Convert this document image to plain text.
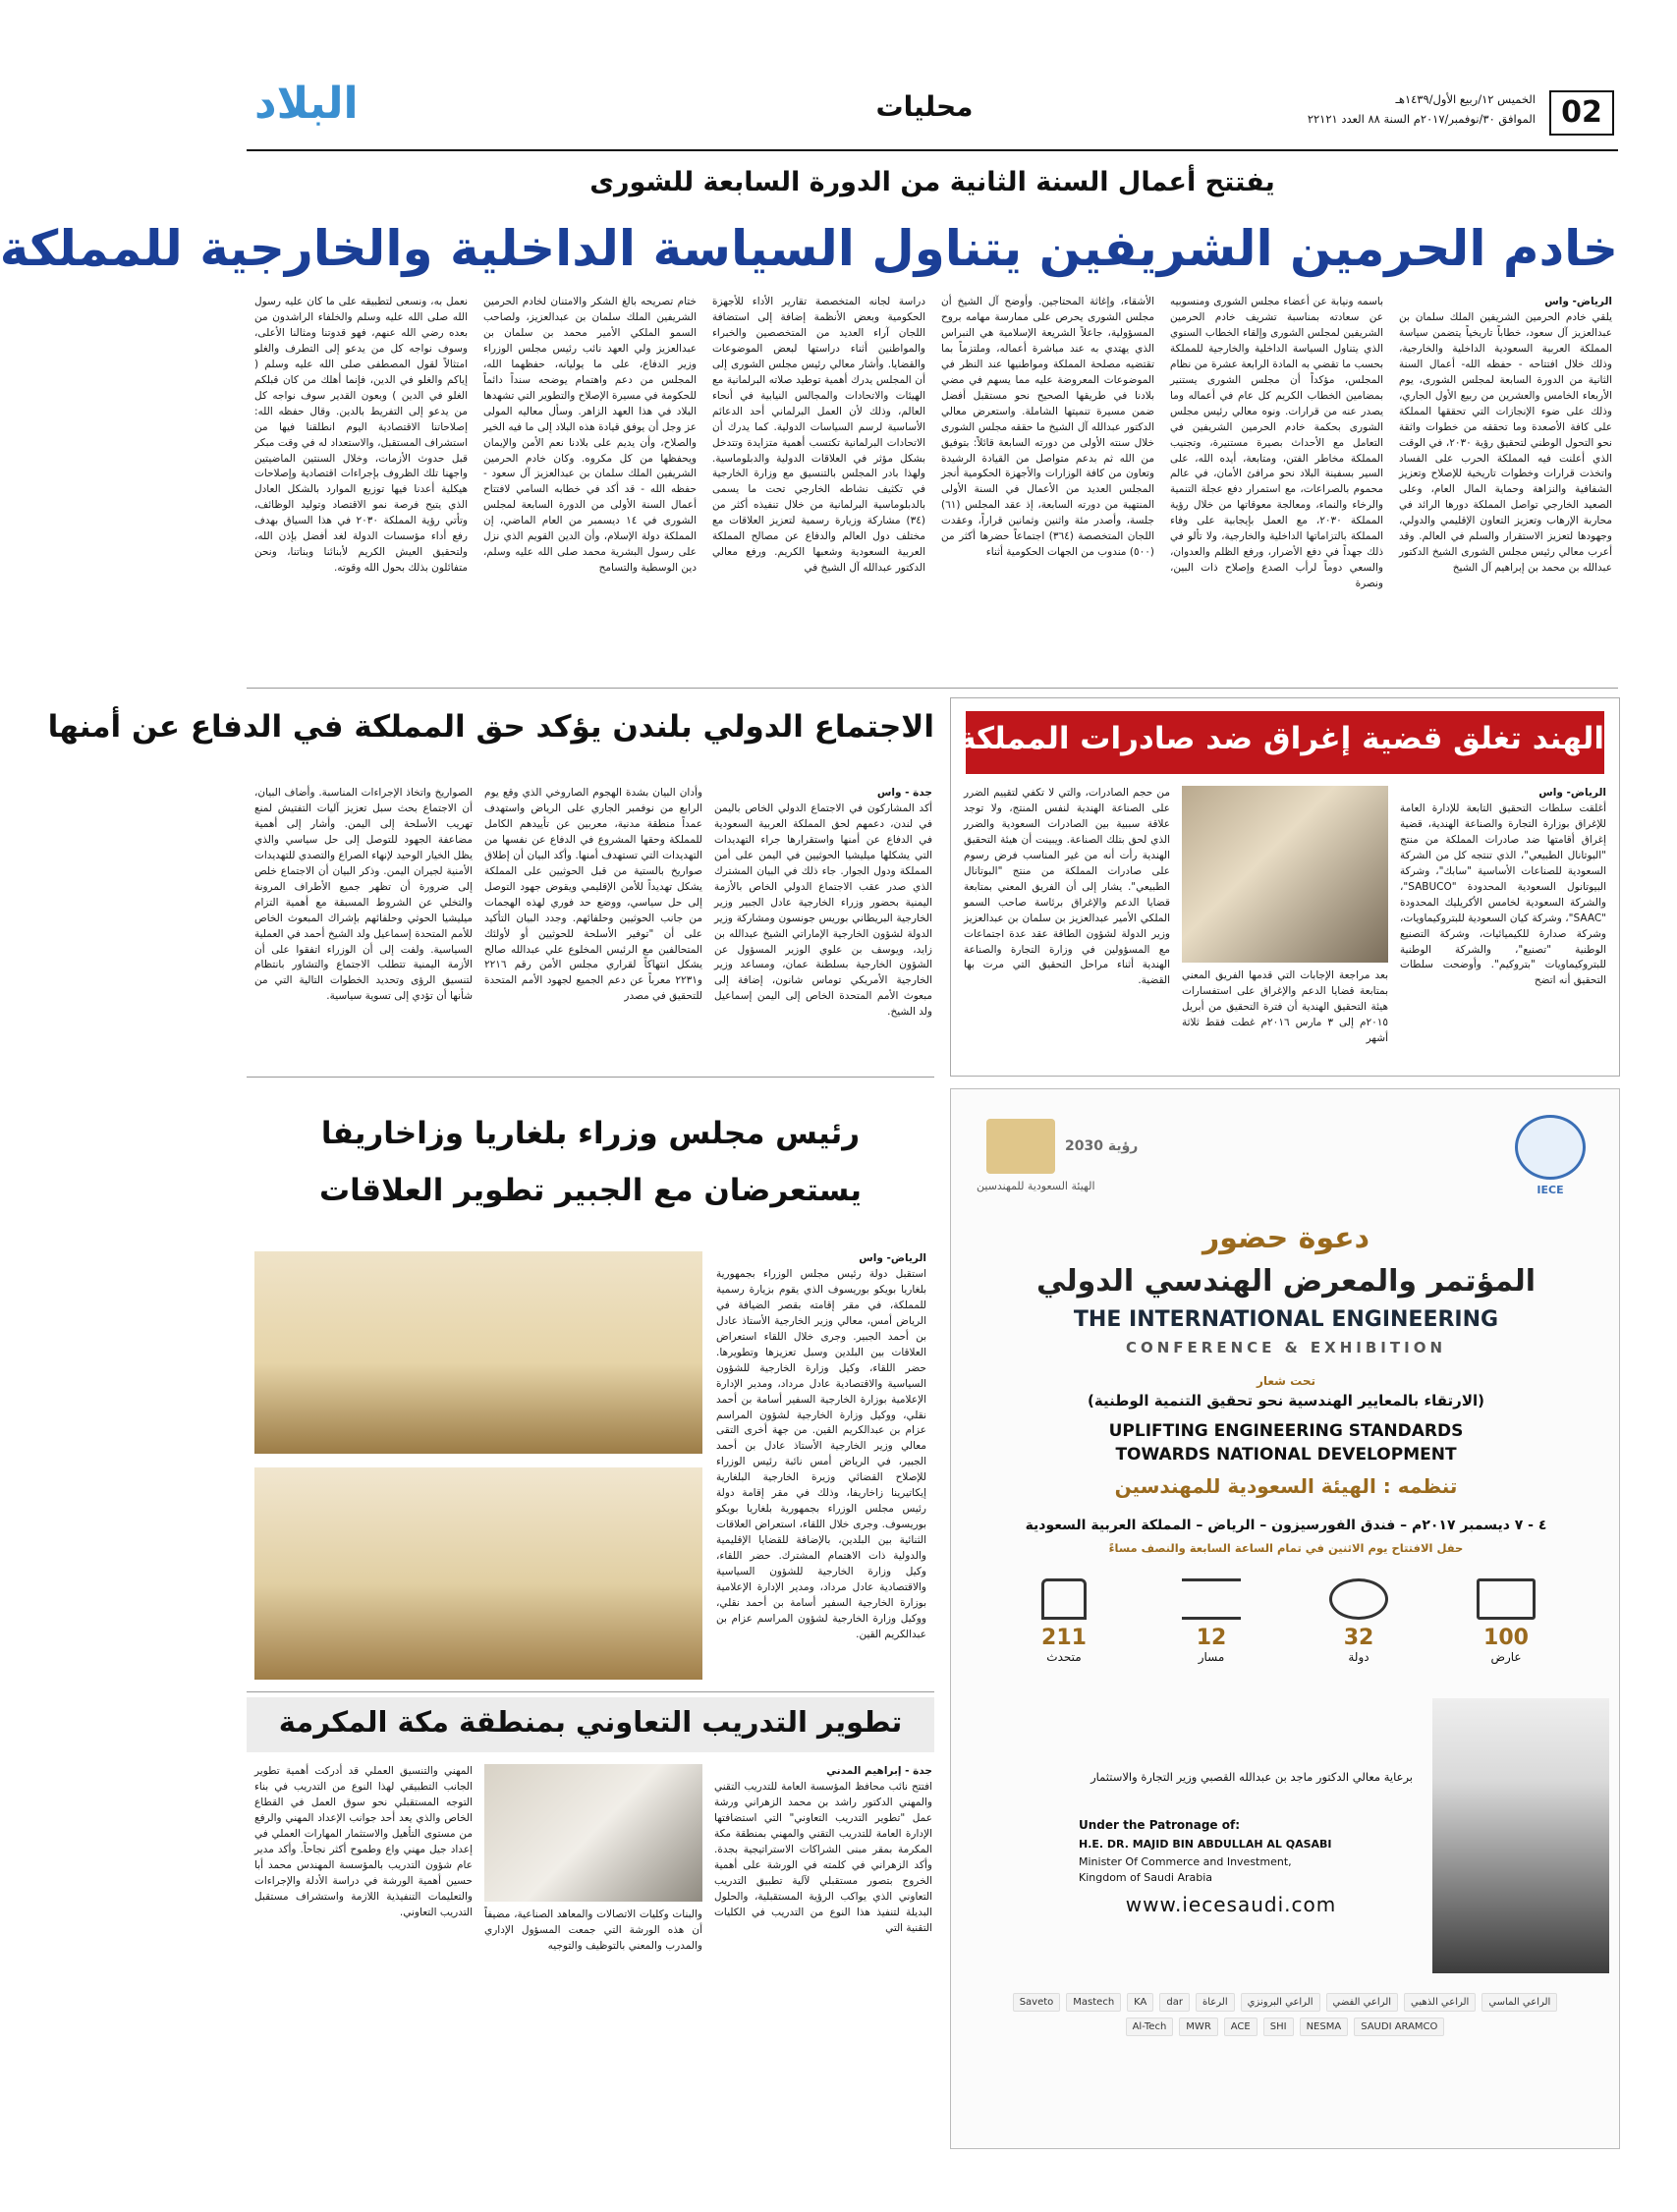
02
الخميس ١٢/ربيع الأول/١٤٣٩هـ
الموافق ٣٠/نوفمبر/٢٠١٧م السنة ٨٨ العدد ٢٢١٢١
محليات
البلاد
يفتتح أعمال السنة الثانية من الدورة السابعة للشورى
خادم الحرمين الشريفين يتناول السياسة الداخلية والخارجية للمملكة
الرياض- واس
يلقي خادم الحرمين الشريفين الملك سلمان بن عبدالعزيز آل سعود، خطاباً تاريخياً يتضمن سياسة المملكة العربية السعودية الداخلية والخارجية، وذلك خلال افتتاحه - حفظه الله- أعمال السنة الثانية من الدورة السابعة لمجلس الشورى، يوم الأربعاء الخامس والعشرين من ربيع الأول الجاري، وذلك على ضوء الإنجازات التي تحققها المملكة على كافة الأصعدة وما تحققه من خطوات واثقة نحو التحول الوطني لتحقيق رؤية ٢٠٣٠، في الوقت الذي أعلنت فيه المملكة الحرب على الفساد واتخذت قرارات وخطوات تاريخية للإصلاح وتعزيز الشفافية والنزاهة وحماية المال العام، وعلى الصعيد الخارجي تواصل المملكة دورها الرائد في محاربة الإرهاب وتعزيز التعاون الإقليمي والدولي، وجهودها لتعزيز الاستقرار والسلم في العالم. وقد أعرب معالي رئيس مجلس الشورى الشيخ الدكتور عبدالله بن محمد بن إبراهيم آل الشيخ
باسمه ونيابة عن أعضاء مجلس الشورى ومنسوبيه عن سعادته بمناسبة تشريف خادم الحرمين الشريفين لمجلس الشورى وإلقاء الخطاب السنوي الذي يتناول السياسة الداخلية والخارجية للمملكة بحسب ما تقضي به المادة الرابعة عشرة من نظام المجلس، مؤكداً أن مجلس الشورى يستنير بمضامين الخطاب الكريم كل عام في أعماله وما يصدر عنه من قرارات. ونوه معالي رئيس مجلس الشورى بحكمة خادم الحرمين الشريفين في التعامل مع الأحداث بصيرة مستنيرة، وتجنيب المملكة مخاطر الفتن، ومتابعة، أيده الله، على السير بسفينة البلاد نحو مرافئ الأمان، في عالم محموم بالصراعات، مع استمرار دفع عجلة التنمية والرخاء والنماء، ومعالجة معوقاتها من خلال رؤية المملكة ٢٠٣٠، مع العمل بإيجابية على وفاء المملكة بالتزاماتها الداخلية والخارجية، ولا تألو في ذلك جهداً في دفع الأضرار، ورفع الظلم والعدوان، والسعي دوماً لرأب الصدع وإصلاح ذات البين، ونصرة
الأشقاء، وإغاثة المحتاجين. وأوضح آل الشيخ أن مجلس الشورى يحرص على ممارسة مهامه بروح المسؤولية، جاعلاً الشريعة الإسلامية هي النبراس الذي يهتدي به عند مباشرة أعماله، وملتزماً بما تقتضيه مصلحة المملكة ومواطنيها عند النظر في الموضوعات المعروضة عليه مما يسهم في مضي بلادنا في طريقها الصحيح نحو مستقبل أفضل ضمن مسيرة تنميتها الشاملة. واستعرض معالي الدكتور عبدالله آل الشيخ ما حققه مجلس الشورى خلال سنته الأولى من دورته السابعة قائلاً: بتوفيق من الله ثم بدعم متواصل من القيادة الرشيدة وتعاون من كافة الوزارات والأجهزة الحكومية أنجز المجلس العديد من الأعمال في السنة الأولى المنتهية من دورته السابعة، إذ عقد المجلس (٦١) جلسة، وأصدر مئة واثنين وثمانين قراراً، وعقدت اللجان المتخصصة (٣٦٤) اجتماعاً حضرها أكثر من (٥٠٠) مندوب من الجهات الحكومية أثناء
دراسة لجانه المتخصصة تقارير الأداء للأجهزة الحكومية وبعض الأنظمة إضافة إلى استضافة اللجان آراء العديد من المتخصصين والخبراء والمواطنين أثناء دراستها لبعض الموضوعات والقضايا. وأشار معالي رئيس مجلس الشورى إلى أن المجلس يدرك أهمية توطيد صلاته البرلمانية مع الهيئات والاتحادات والمجالس النيابية في أنحاء العالم، وذلك لأن العمل البرلماني أحد الدعائم الأساسية لرسم السياسات الدولية. كما يدرك أن الاتحادات البرلمانية تكتسب أهمية متزايدة وتتدخل بشكل مؤثر في العلاقات الدولية والدبلوماسية. ولهذا بادر المجلس بالتنسيق مع وزارة الخارجية في تكثيف نشاطه الخارجي تحت ما يسمى بالدبلوماسية البرلمانية من خلال تنفيذه أكثر من (٣٤) مشاركة وزيارة رسمية لتعزيز العلاقات مع مختلف دول العالم والدفاع عن مصالح المملكة العربية السعودية وشعبها الكريم. ورفع معالي الدكتور عبدالله آل الشيخ في
ختام تصريحه بالغ الشكر والامتنان لخادم الحرمين الشريفين الملك سلمان بن عبدالعزيز، ولصاحب السمو الملكي الأمير محمد بن سلمان بن عبدالعزيز ولي العهد نائب رئيس مجلس الوزراء وزير الدفاع، على ما يوليانه، حفظهما الله، المجلس من دعم واهتمام يوضحه سنداً دائماً للحكومة في مسيرة الإصلاح والتطوير التي تشهدها البلاد في هذا العهد الزاهر. وسأل معاليه المولى عز وجل أن يوفق قيادة هذه البلاد إلى ما فيه الخير والصلاح، وأن يديم على بلادنا نعم الأمن والإيمان ويحفظها من كل مكروه. وكان خادم الحرمين الشريفين الملك سلمان بن عبدالعزيز آل سعود - حفظه الله - قد أكد في خطابه السامي لافتتاح أعمال السنة الأولى من الدورة السابعة لمجلس الشورى في ١٤ ديسمبر من العام الماضي، إن المملكة دولة الإسلام، وأن الدين القويم الذي نزل على رسول البشرية محمد صلى الله عليه وسلم، دين الوسطية والتسامح
نعمل به، ونسعى لتطبيقه على ما كان عليه رسول الله صلى الله عليه وسلم والخلفاء الراشدون من بعده رضي الله عنهم، فهو قدوتنا ومثالنا الأعلى، وسوف نواجه كل من يدعو إلى التطرف والغلو امتثالاً لقول المصطفى صلى الله عليه وسلم ( إياكم والغلو في الدين، فإنما أهلك من كان قبلكم الغلو في الدين ) وبعون القدير سوف نواجه كل من يدعو إلى التفريط بالدين. وقال حفظه الله: إصلاحاتنا الاقتصادية اليوم انطلقنا فيها من استشراف المستقبل، والاستعداد له في وقت مبكر قبل حدوث الأزمات، وخلال السنتين الماضيتين واجهنا تلك الظروف بإجراءات اقتصادية وإصلاحات هيكلية أعدنا فيها توزيع الموارد بالشكل العادل الذي يتيح فرصة نمو الاقتصاد وتوليد الوظائف، وتأتي رؤية المملكة ٢٠٣٠ في هذا السياق بهدف رفع أداء مؤسسات الدولة لغد أفضل بإذن الله، ولتحقيق العيش الكريم لأبنائنا وبناتنا، ونحن متفائلون بذلك بحول الله وقوته.
الهند تغلق قضية إغراق ضد صادرات المملكة
الرياض- واس
أغلقت سلطات التحقيق التابعة للإدارة العامة للإغراق بوزارة التجارة والصناعة الهندية، قضية إغراق أقامتها ضد صادرات المملكة من منتج "البوتانال الطبيعي"، الذي تنتجه كل من الشركة السعودية للصناعات الأساسية "سابك"، وشركة البيوتانول السعودية المحدودة "SABUCO"، والشركة السعودية لخامس الأكريليك المحدودة "SAAC"، وشركة كيان السعودية للبتروكيماويات، وشركة صدارة للكيميائيات، وشركة التصنيع الوطنية "تصنيع"، والشركة الوطنية للبتروكيماويات "بتروكيم". وأوضحت سلطات التحقيق أنه اتضح
بعد مراجعة الإجابات التي قدمها الفريق المعني بمتابعة قضايا الدعم والإغراق على استفسارات هيئة التحقيق الهندية أن فترة التحقيق من أبريل ٢٠١٥م إلى ٣ مارس ٢٠١٦م غطت فقط ثلاثة أشهر
من حجم الصادرات، والتي لا تكفي لتقييم الضرر على الصناعة الهندية لنفس المنتج، ولا توجد علاقة سببية بين الصادرات السعودية والضرر الذي لحق بتلك الصناعة. ويبينت أن هيئة التحقيق الهندية رأت أنه من غير المناسب فرض رسوم على صادرات المملكة من منتج "البوتانال الطبيعي". يشار إلى أن الفريق المعني بمتابعة قضايا الدعم والإغراق برئاسة صاحب السمو الملكي الأمير عبدالعزيز بن سلمان بن عبدالعزيز وزير الدولة لشؤون الطاقة عقد عدة اجتماعات مع المسؤولين في وزارة التجارة والصناعة الهندية أثناء مراحل التحقيق التي مرت بها القضية.
الاجتماع الدولي بلندن يؤكد حق المملكة في الدفاع عن أمنها
جدة - واس
أكد المشاركون في الاجتماع الدولي الخاص باليمن في لندن، دعمهم لحق المملكة العربية السعودية في الدفاع عن أمنها واستقرارها جراء التهديدات التي يشكلها ميليشيا الحوثيين في اليمن على أمن المملكة ودول الجوار. جاء ذلك في البيان المشترك الذي صدر عقب الاجتماع الدولي الخاص بالأزمة اليمنية بحضور وزراء الخارجية عادل الجبير وزير الخارجية البريطاني بوريس جونسون ومشاركة وزير الدولة لشؤون الخارجية الإماراتي الشيخ عبدالله بن زايد، ويوسف بن علوي الوزير المسؤول عن الشؤون الخارجية بسلطنة عمان، ومساعد وزير الخارجية الأمريكي توماس شانون، إضافة إلى مبعوث الأمم المتحدة الخاص إلى اليمن إسماعيل ولد الشيخ.
وأدان البيان بشدة الهجوم الصاروخي الذي وقع يوم الرابع من نوفمبر الجاري على الرياض واستهدف عمداً منطقة مدنية، معربين عن تأييدهم الكامل للمملكة وحقها المشروع في الدفاع عن نفسها من التهديدات التي تستهدف أمنها. وأكد البيان أن إطلاق صواريخ بالستية من قبل الحوثيين على المملكة يشكل تهديداً للأمن الإقليمي ويقوض جهود التوصل إلى حل سياسي، ووضع حد فوري لهذه الهجمات من جانب الحوثيين وحلفائهم. وجدد البيان التأكيد على أن "توفير الأسلحة للحوثيين أو لأولئك المتحالفين مع الرئيس المخلوع علي عبدالله صالح يشكل انتهاكاً لقراري مجلس الأمن رقم ٢٢١٦ و٢٢٣١ معرباً عن دعم الجميع لجهود الأمم المتحدة للتحقيق في مصدر
الصواريخ واتخاذ الإجراءات المناسبة. وأضاف البيان، أن الاجتماع بحث سبل تعزيز آليات التفتيش لمنع تهريب الأسلحة إلى اليمن. وأشار إلى أهمية مضاعفة الجهود للتوصل إلى حل سياسي والذي يظل الخيار الوحيد لإنهاء الصراع والتصدي للتهديدات الأمنية لجيران اليمن. وذكر البيان أن الاجتماع خلص إلى ضرورة أن تظهر جميع الأطراف المرونة والتخلي عن الشروط المسبقة مع أهمية التزام ميليشيا الحوثي وحلفائهم بإشراك المبعوث الخاص للأمم المتحدة إسماعيل ولد الشيخ أحمد في العملية السياسية. ولفت إلى أن الوزراء اتفقوا على أن الأزمة اليمنية تتطلب الاجتماع والتشاور بانتظام لتنسيق الرؤى وتحديد الخطوات التالية التي من شأنها أن تؤدي إلى تسوية سياسية.
رئيس مجلس وزراء بلغاريا وزاخاريفا
يستعرضان مع الجبير تطوير العلاقات
الرياض- واس
استقبل دولة رئيس مجلس الوزراء بجمهورية بلغاريا بويكو بوريسوف الذي يقوم بزيارة رسمية للمملكة، في مقر إقامته بقصر الضيافة في الرياض أمس، معالي وزير الخارجية الأستاذ عادل بن أحمد الجبير. وجرى خلال اللقاء استعراض العلاقات بين البلدين وسبل تعزيزها وتطويرها. حضر اللقاء، وكيل وزارة الخارجية للشؤون السياسية والاقتصادية عادل مرداد، ومدير الإدارة الإعلامية بوزارة الخارجية السفير أسامة بن أحمد نقلي، ووكيل وزارة الخارجية لشؤون المراسم عزام بن عبدالكريم القين. من جهة أخرى التقى معالي وزير الخارجية الأستاذ عادل بن أحمد الجبير، في الرياض أمس نائبة رئيس الوزراء للإصلاح القضائي وزيرة الخارجية البلغارية إيكاتيرينا زاخاريفا، وذلك في مقر إقامة دولة رئيس مجلس الوزراء بجمهورية بلغاريا بويكو بوريسوف. وجرى خلال اللقاء، استعراض العلاقات الثنائية بين البلدين، بالإضافة للقضايا الإقليمية والدولية ذات الاهتمام المشترك. حضر اللقاء، وكيل وزارة الخارجية للشؤون السياسية والاقتصادية عادل مرداد، ومدير الإدارة الإعلامية بوزارة الخارجية السفير أسامة بن أحمد نقلي، ووكيل وزارة الخارجية لشؤون المراسم عزام بن عبدالكريم القين.
تطوير التدريب التعاوني بمنطقة مكة المكرمة
جدة - إبراهيم المدني
افتتح نائب محافظ المؤسسة العامة للتدريب التقني والمهني الدكتور راشد بن محمد الزهراني ورشة عمل "تطوير التدريب التعاوني" التي استضافتها الإدارة العامة للتدريب التقني والمهني بمنطقة مكة المكرمة بمقر مبنى الشراكات الاستراتيجية بجدة. وأكد الزهراني في كلمته في الورشة على أهمية الخروج بتصور مستقبلي لآلية تطبيق التدريب التعاوني الذي يواكب الرؤية المستقبلية، والحلول البديلة لتنفيذ هذا النوع من التدريب في الكليات التقنية التي
والبنات وكليات الاتصالات والمعاهد الصناعية، مضيفاً أن هذه الورشة التي جمعت المسؤول الإداري والمدرب والمعني بالتوظيف والتوجيه
المهني والتنسيق العملي قد أدركت أهمية تطوير الجانب التطبيقي لهذا النوع من التدريب في بناء التوجه المستقبلي نحو سوق العمل في القطاع الخاص والذي يعد أحد جوانب الإعداد المهني والرفع من مستوى التأهيل والاستثمار المهارات العملي في إعداد جيل مهني واع وطموح أكثر نجاحاً. وأكد مدير عام شؤون التدريب بالمؤسسة المهندس محمد أبا حسين أهمية الورشة في دراسة الأدلة والإجراءات والتعليمات التنفيذية اللازمة واستشراف مستقبل التدريب التعاوني.
IECE
رؤية 2030
الهيئة السعودية للمهندسين
دعوة حضور
المؤتمر والمعرض الهندسي الدولي
THE INTERNATIONAL ENGINEERING
CONFERENCE & EXHIBITION
تحت شعار
(الارتقاء بالمعايير الهندسية نحو تحقيق التنمية الوطنية)
UPLIFTING ENGINEERING STANDARDS
TOWARDS NATIONAL DEVELOPMENT
تنظمه : الهيئة السعودية للمهندسين
٤ - ٧ ديسمبر ٢٠١٧م – فندق الفورسيزون – الرياض – المملكة العربية السعودية
حفل الافتتاح يوم الاثنين في تمام الساعة السابعة والنصف مساءً
100
عارض
32
دولة
12
مسار
211
متحدث
برعاية معالي الدكتور ماجد بن عبدالله القصبي وزير التجارة والاستثمار
Under the Patronage of:
H.E. DR. MAJID BIN ABDULLAH AL QASABI
Minister Of Commerce and Investment,
Kingdom of Saudi Arabia
www.iecesaudi.com
الراعي الماسي
الراعي الذهبي
الراعي الفضي
الراعي البرونزي
الرعاة
dar
KA
Mastech
Saveto
SAUDI ARAMCO
NESMA
SHI
ACE
MWR
Al-Tech
